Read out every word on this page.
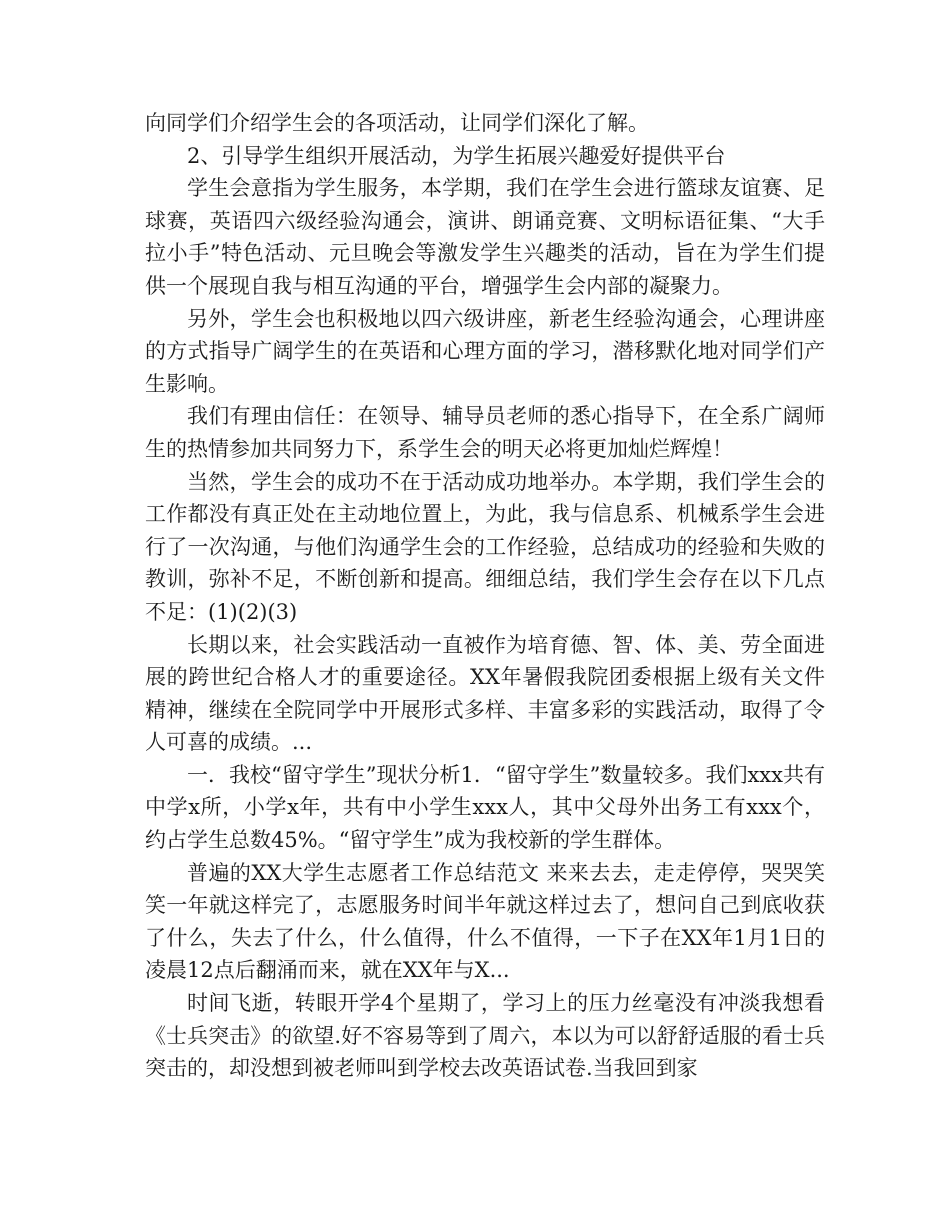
向同学们介绍学生会的各项活动，让同学们深化了解。

2、引导学生组织开展活动，为学生拓展兴趣爱好提供平台

学生会意指为学生服务，本学期，我们在学生会进行篮球友谊赛、足球赛，英语四六级经验沟通会，演讲、朗诵竞赛、文明标语征集、“大手拉小手”特色活动、元旦晚会等激发学生兴趣类的活动，旨在为学生们提供一个展现自我与相互沟通的平台，增强学生会内部的凝聚力。

另外，学生会也积极地以四六级讲座，新老生经验沟通会，心理讲座的方式指导广阔学生的在英语和心理方面的学习，潜移默化地对同学们产生影响。

我们有理由信任：在领导、辅导员老师的悉心指导下，在全系广阔师生的热情参加共同努力下，系学生会的明天必将更加灿烂辉煌！

当然，学生会的成功不在于活动成功地举办。本学期，我们学生会的工作都没有真正处在主动地位置上，为此，我与信息系、机械系学生会进行了一次沟通，与他们沟通学生会的工作经验，总结成功的经验和失败的教训，弥补不足，不断创新和提高。细细总结，我们学生会存在以下几点不足：(1)(2)(3)

长期以来，社会实践活动一直被作为培育德、智、体、美、劳全面进展的跨世纪合格人才的重要途径。XX年暑假我院团委根据上级有关文件精神，继续在全院同学中开展形式多样、丰富多彩的实践活动，取得了令人可喜的成绩。...

一．我校“留守学生”现状分析1．“留守学生”数量较多。我们xxx共有中学x所，小学x年，共有中小学生xxx人，其中父母外出务工有xxx个，约占学生总数45%。“留守学生”成为我校新的学生群体。

普遍的XX大学生志愿者工作总结范文 来来去去，走走停停，哭哭笑笑一年就这样完了，志愿服务时间半年就这样过去了，想问自己到底收获了什么，失去了什么，什么值得，什么不值得，一下子在XX年1月1日的凌晨12点后翻涌而来，就在XX年与X...

时间飞逝，转眼开学4个星期了，学习上的压力丝毫没有冲淡我想看《士兵突击》的欲望.好不容易等到了周六，本以为可以舒舒适服的看士兵突击的，却没想到被老师叫到学校去改英语试卷.当我回到家
